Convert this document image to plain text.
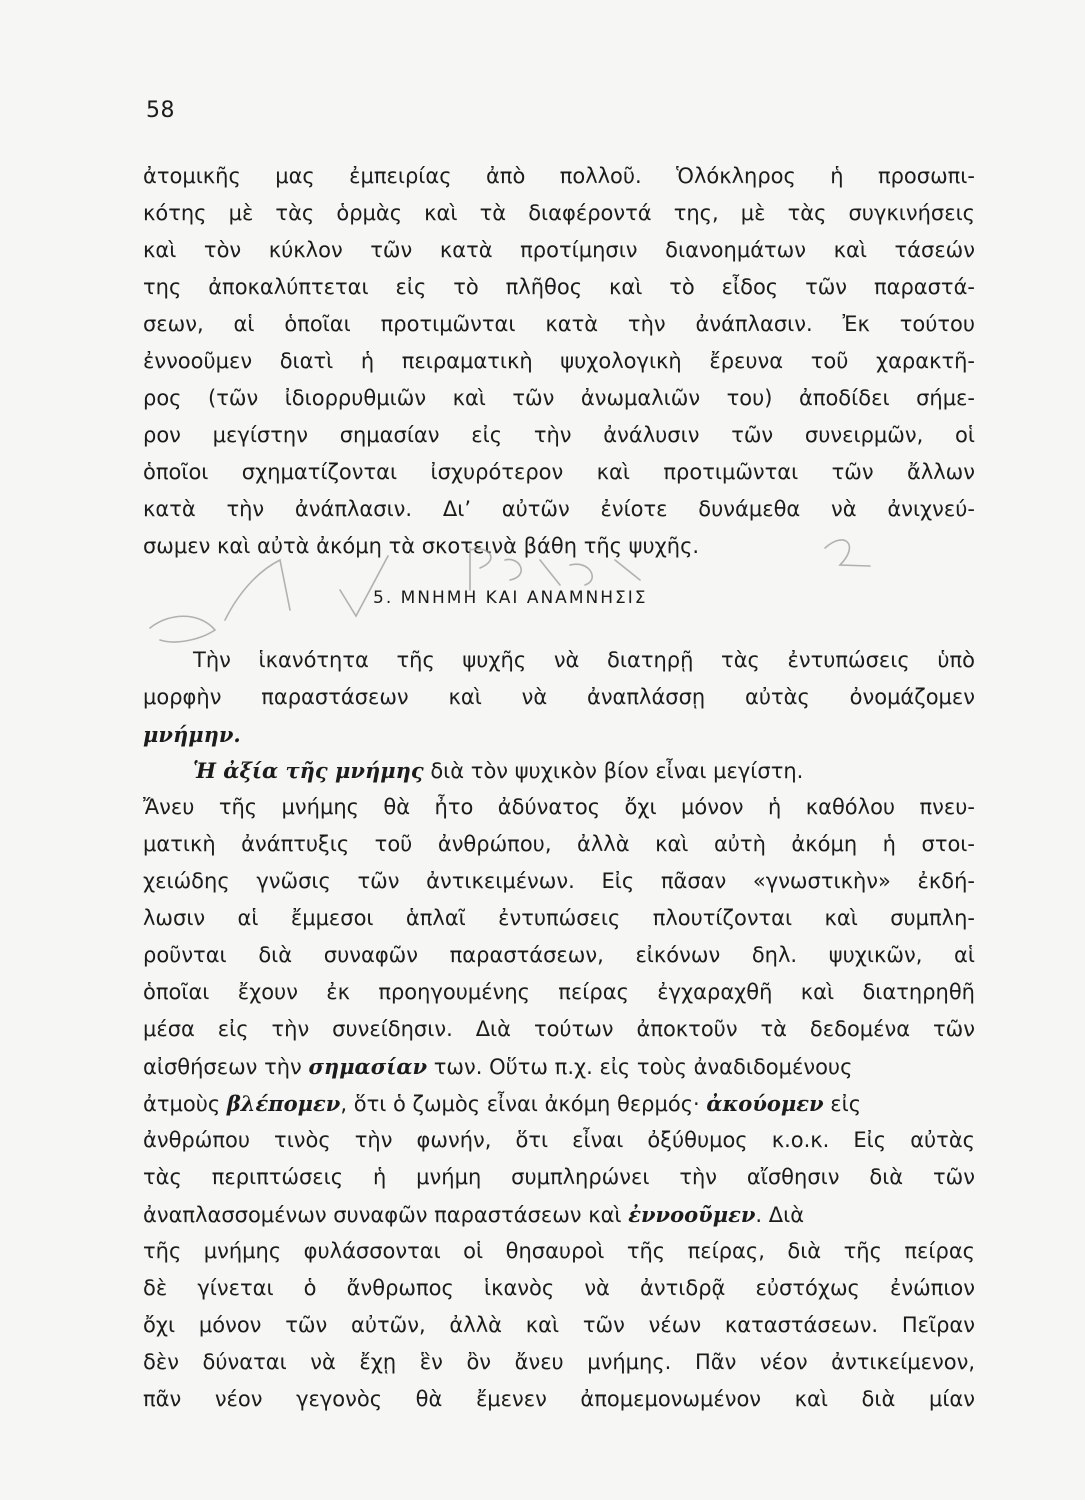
58
ἀτομικῆς μας ἐμπειρίας ἀπὸ πολλοῦ. Ὁλόκληρος ἡ προσωπι-
κότης μὲ τὰς ὁρμὰς καὶ τὰ διαφέροντά της, μὲ τὰς συγκινήσεις
καὶ τὸν κύκλον τῶν κατὰ προτίμησιν διανοημάτων καὶ τάσεών
της ἀποκαλύπτεται εἰς τὸ πλῆθος καὶ τὸ εἶδος τῶν παραστά-
σεων, αἱ ὁποῖαι προτιμῶνται κατὰ τὴν ἀνάπλασιν. Ἐκ τούτου
ἐννοοῦμεν διατὶ ἡ πειραματικὴ ψυχολογικὴ ἔρευνα τοῦ χαρακτῆ-
ρος (τῶν ἰδιορρυθμιῶν καὶ τῶν ἀνωμαλιῶν του) ἀποδίδει σήμε-
ρον μεγίστην σημασίαν εἰς τὴν ἀνάλυσιν τῶν συνειρμῶν, οἱ
ὁποῖοι σχηματίζονται ἰσχυρότερον καὶ προτιμῶνται τῶν ἄλλων
κατὰ τὴν ἀνάπλασιν. Δι’ αὐτῶν ἐνίοτε δυνάμεθα νὰ ἀνιχνεύ-
σωμεν καὶ αὐτὰ ἀκόμη τὰ σκοτεινὰ βάθη τῆς ψυχῆς.
5. ΜΝΗΜΗ ΚΑΙ ΑΝΑΜΝΗΣΙΣ
Τὴν ἱκανότητα τῆς ψυχῆς νὰ διατηρῇ τὰς ἐντυπώσεις ὑπὸ
μορφὴν παραστάσεων καὶ νὰ ἀναπλάσσῃ αὐτὰς ὀνομάζομεν
μνήμην.
Ἡ ἀξία τῆς μνήμης διὰ τὸν ψυχικὸν βίον εἶναι μεγίστη.
Ἄνευ τῆς μνήμης θὰ ἦτο ἀδύνατος ὄχι μόνον ἡ καθόλου πνευ-
ματικὴ ἀνάπτυξις τοῦ ἀνθρώπου, ἀλλὰ καὶ αὐτὴ ἀκόμη ἡ στοι-
χειώδης γνῶσις τῶν ἀντικειμένων. Εἰς πᾶσαν «γνωστικὴν» ἐκδή-
λωσιν αἱ ἔμμεσοι ἁπλαῖ ἐντυπώσεις πλουτίζονται καὶ συμπλη-
ροῦνται διὰ συναφῶν παραστάσεων, εἰκόνων δηλ. ψυχικῶν, αἱ
ὁποῖαι ἔχουν ἐκ προηγουμένης πείρας ἐγχαραχθῆ καὶ διατηρηθῆ
μέσα εἰς τὴν συνείδησιν. Διὰ τούτων ἀποκτοῦν τὰ δεδομένα τῶν
αἰσθήσεων τὴν σημασίαν των. Οὕτω π.χ. εἰς τοὺς ἀναδιδομένους
ἀτμοὺς βλέπομεν, ὅτι ὁ ζωμὸς εἶναι ἀκόμη θερμός· ἀκούομεν εἰς
ἀνθρώπου τινὸς τὴν φωνήν, ὅτι εἶναι ὀξύθυμος κ.ο.κ. Εἰς αὐτὰς
τὰς περιπτώσεις ἡ μνήμη συμπληρώνει τὴν αἴσθησιν διὰ τῶν
ἀναπλασσομένων συναφῶν παραστάσεων καὶ ἐννοοῦμεν. Διὰ
τῆς μνήμης φυλάσσονται οἱ θησαυροὶ τῆς πείρας, διὰ τῆς πείρας
δὲ γίνεται ὁ ἄνθρωπος ἱκανὸς νὰ ἀντιδρᾷ εὐστόχως ἐνώπιον
ὄχι μόνον τῶν αὐτῶν, ἀλλὰ καὶ τῶν νέων καταστάσεων. Πεῖραν
δὲν δύναται νὰ ἔχῃ ἓν ὂν ἄνευ μνήμης. Πᾶν νέον ἀντικείμενον,
πᾶν νέον γεγονὸς θὰ ἔμενεν ἀπομεμονωμένον καὶ διὰ μίαν
